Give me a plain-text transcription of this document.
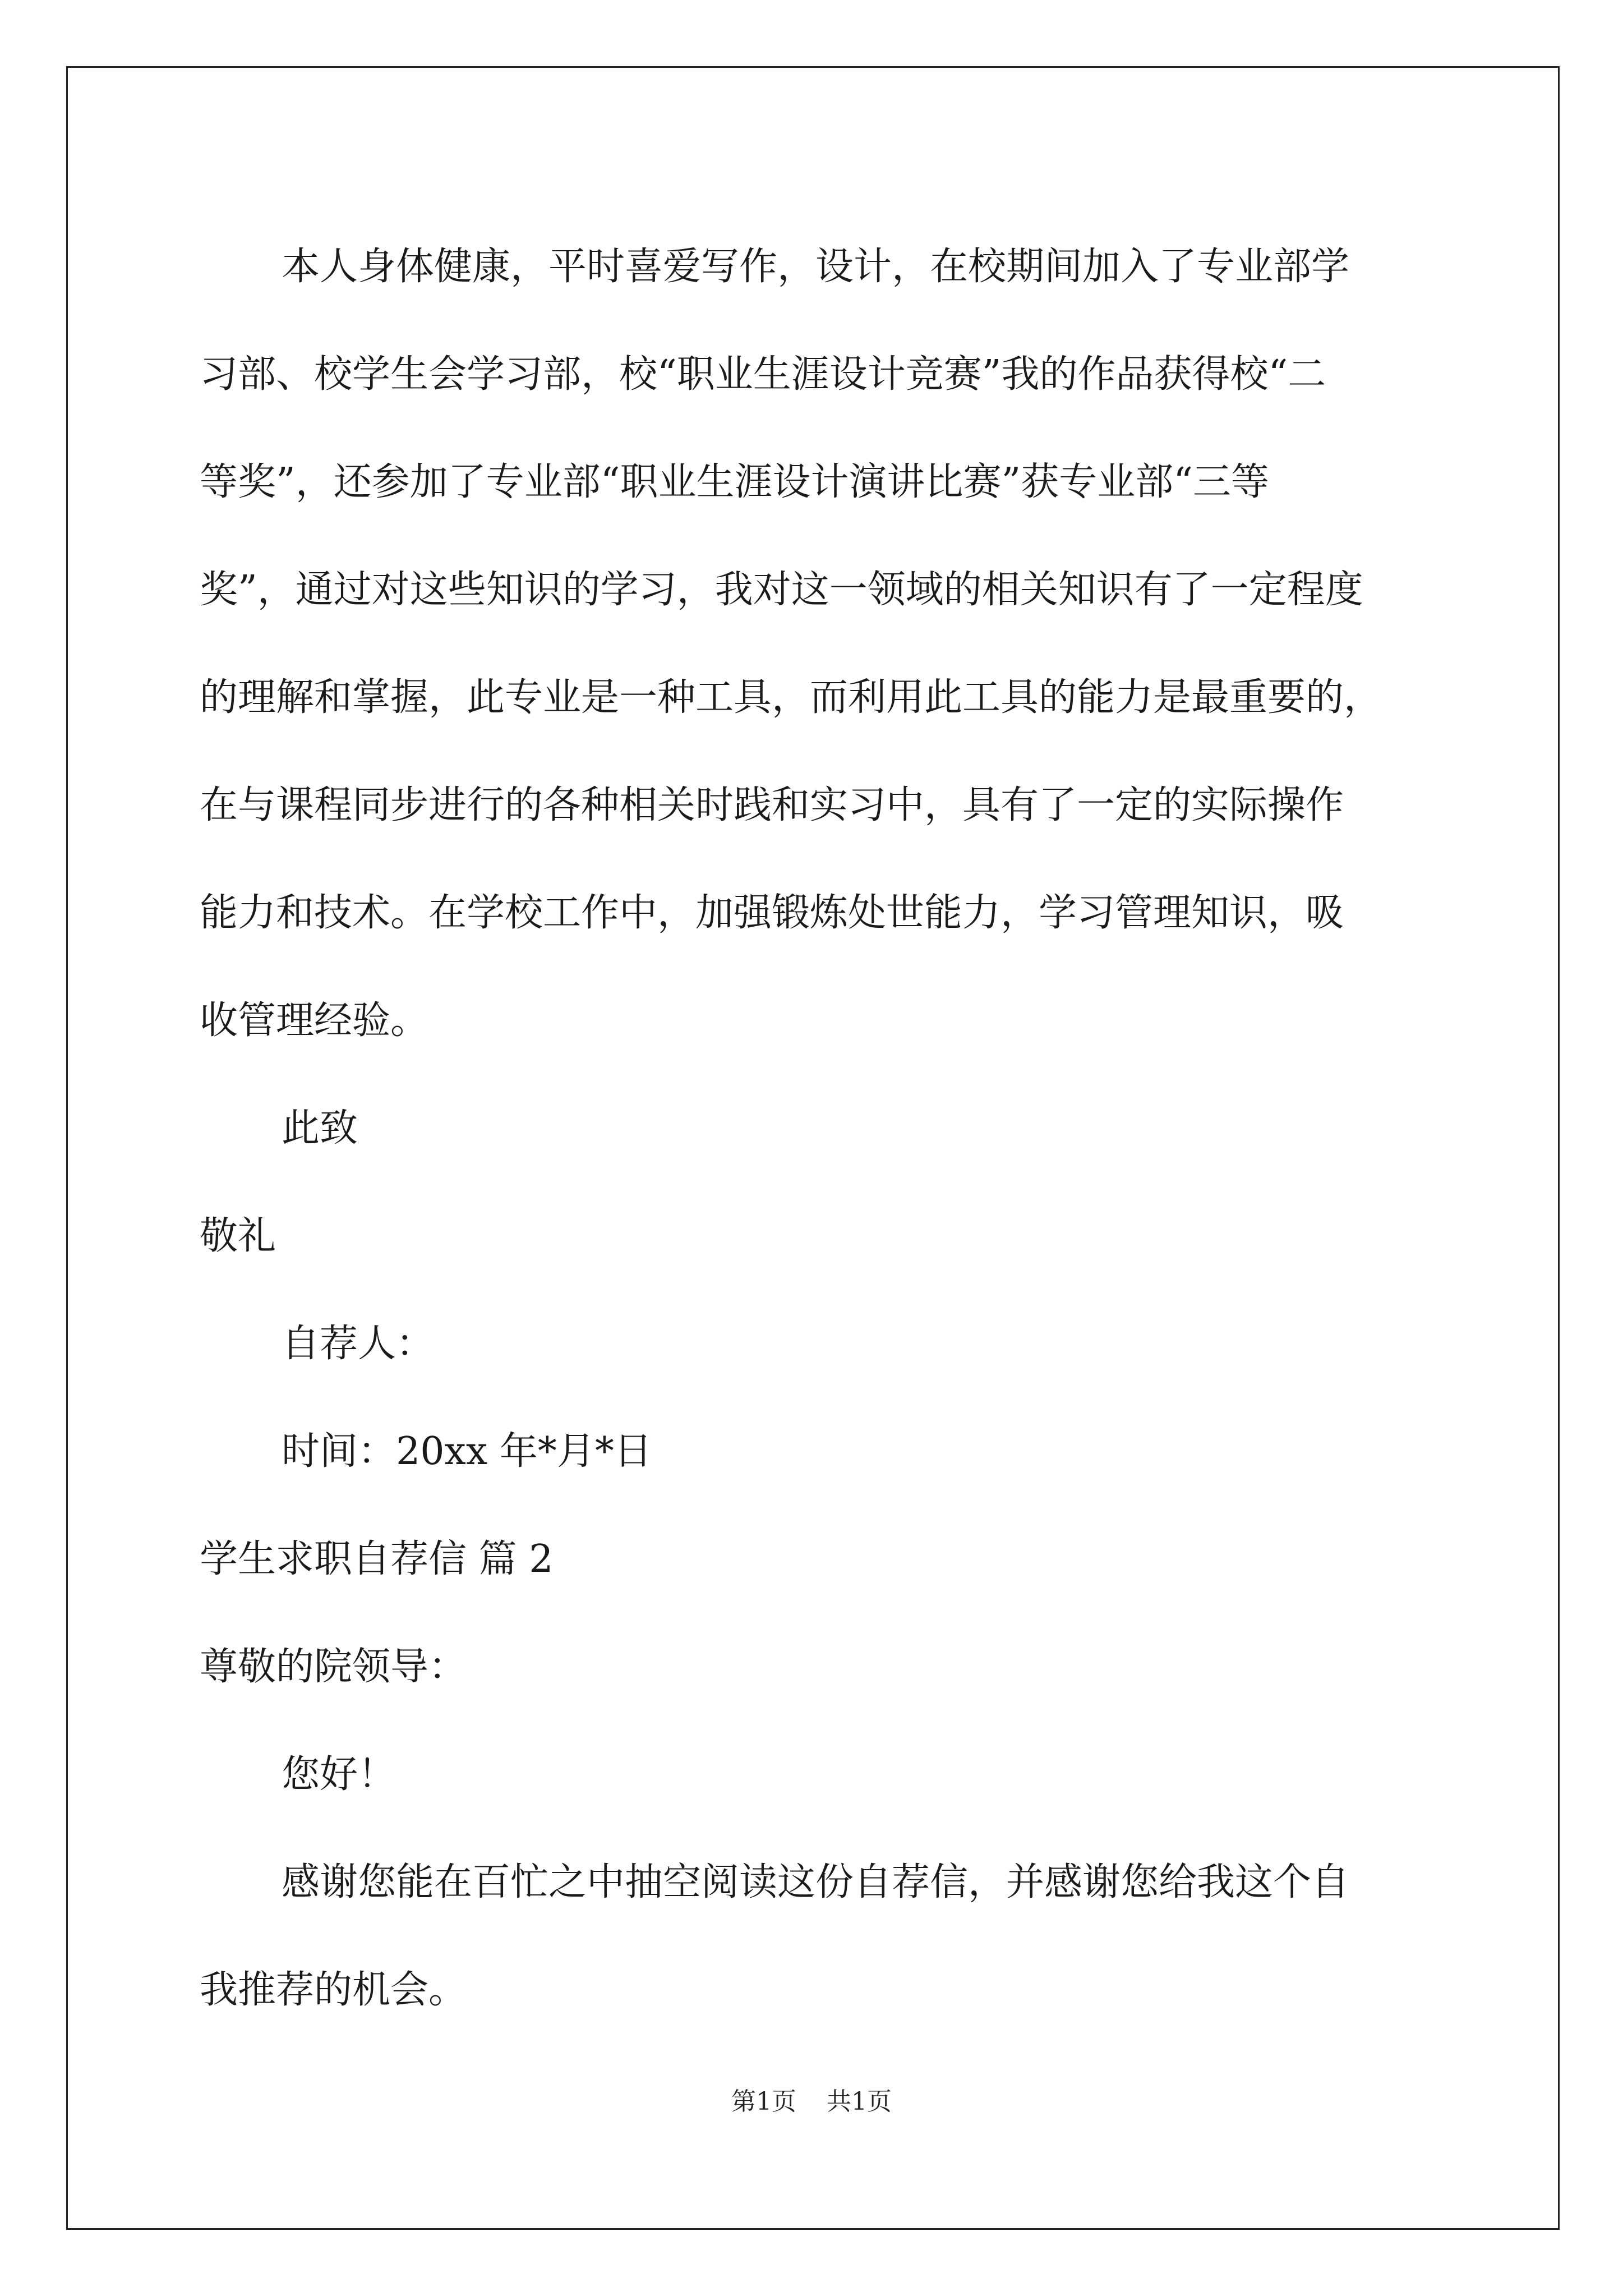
本人身体健康，平时喜爱写作，设计，在校期间加入了专业部学
习部、校学生会学习部，校“职业生涯设计竞赛”我的作品获得校“二
等奖”，还参加了专业部“职业生涯设计演讲比赛”获专业部“三等
奖”，通过对这些知识的学习，我对这一领域的相关知识有了一定程度
的理解和掌握，此专业是一种工具，而利用此工具的能力是最重要的，
在与课程同步进行的各种相关时践和实习中，具有了一定的实际操作
能力和技术。在学校工作中，加强锻炼处世能力，学习管理知识，吸
收管理经验。
此致
敬礼
自荐人：
时间：20xx 年*月*日
学生求职自荐信 篇 2
尊敬的院领导：
您好！
感谢您能在百忙之中抽空阅读这份自荐信，并感谢您给我这个自
我推荐的机会。
第1页 共1页
